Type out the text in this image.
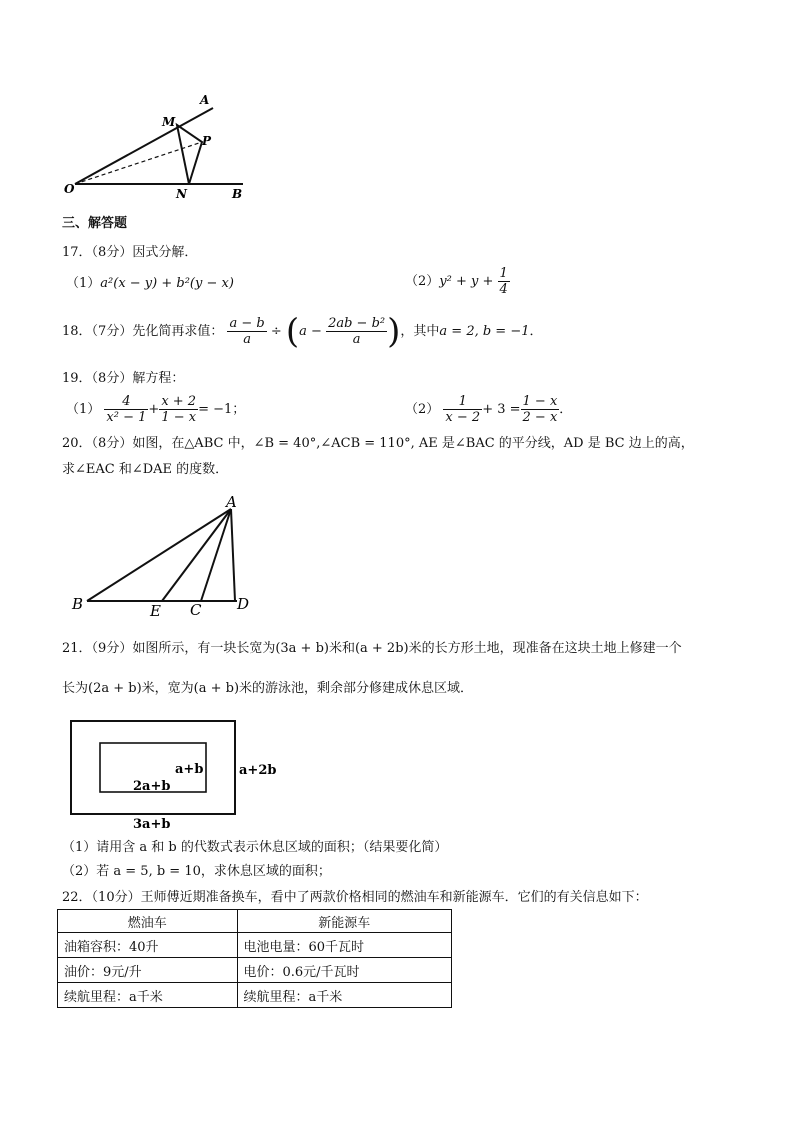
A
M
P
O	N	B
三、解答题
17．（8分）因式分解．
（1）a²(x − y) + b²(y − x)	$(2)y^2 + y + \frac{1}{4}$
18．（7分）先化简再求值： $\frac{a - b}{a} \div (a - \frac{\text{2ab − b²}}{a}$ )，其中a = 2, b = −1．
19．（8分）解方程：
$(1) \frac{4}{\text{x² − 1}} + \frac{x + 2}{1 - x} = -1$；	$(2) \frac{1}{x - 2} + 3 = \frac{1 - x}{2 - x}$ ．
20．（8分）如图，在△ABC 中，∠B = 40°,∠ACB = 110°, AE 是∠BAC 的平分线，AD 是 BC 边上的高，
求∠EAC 和∠DAE 的度数．
A
B	E C D
21．（9分）如图所示，有一块长宽为(3a + b)米和(a + 2b)米的长方形土地，现准备在这块土地上修建一个
长为(2a + b)米，宽为(a + b)米的游泳池，剩余部分修建成休息区域．
a+b
2a+b
a+2b
3a+b
（1）请用含 a 和 b 的代数式表示休息区域的面积；（结果要化简）
（2）若 a = 5, b = 10，求休息区域的面积；
22．（10分）王师傅近期准备换车，看中了两款价格相同的燃油车和新能源车．它们的有关信息如下：
燃油车	新能源车
油箱容积：40升	电池电量：60千瓦时
油价：9元/升	电价：0.6元/千瓦时
续航里程：a千米	续航里程：a千米
